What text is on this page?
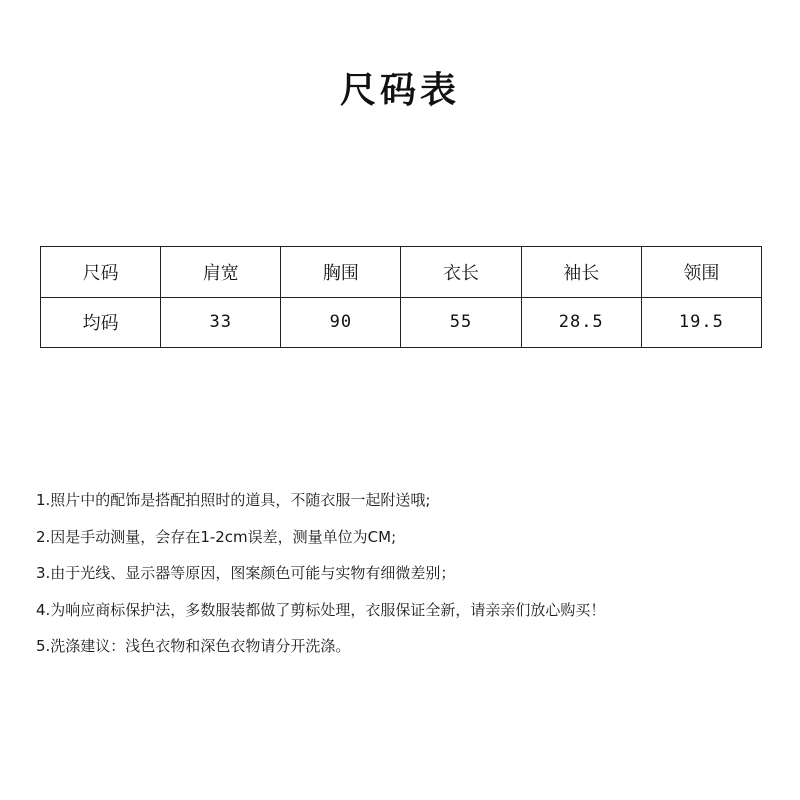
尺码表
尺码	肩宽	胸围	衣长	袖长	领围
均码	33	90	55	28.5	19.5
1.照片中的配饰是搭配拍照时的道具，不随衣服一起附送哦;
2.因是手动测量，会存在1-2cm误差，测量单位为CM;
3.由于光线、显示器等原因，图案颜色可能与实物有细微差别；
4.为响应商标保护法，多数服装都做了剪标处理，衣服保证全新，请亲亲们放心购买！
5.洗涤建议：浅色衣物和深色衣物请分开洗涤。
